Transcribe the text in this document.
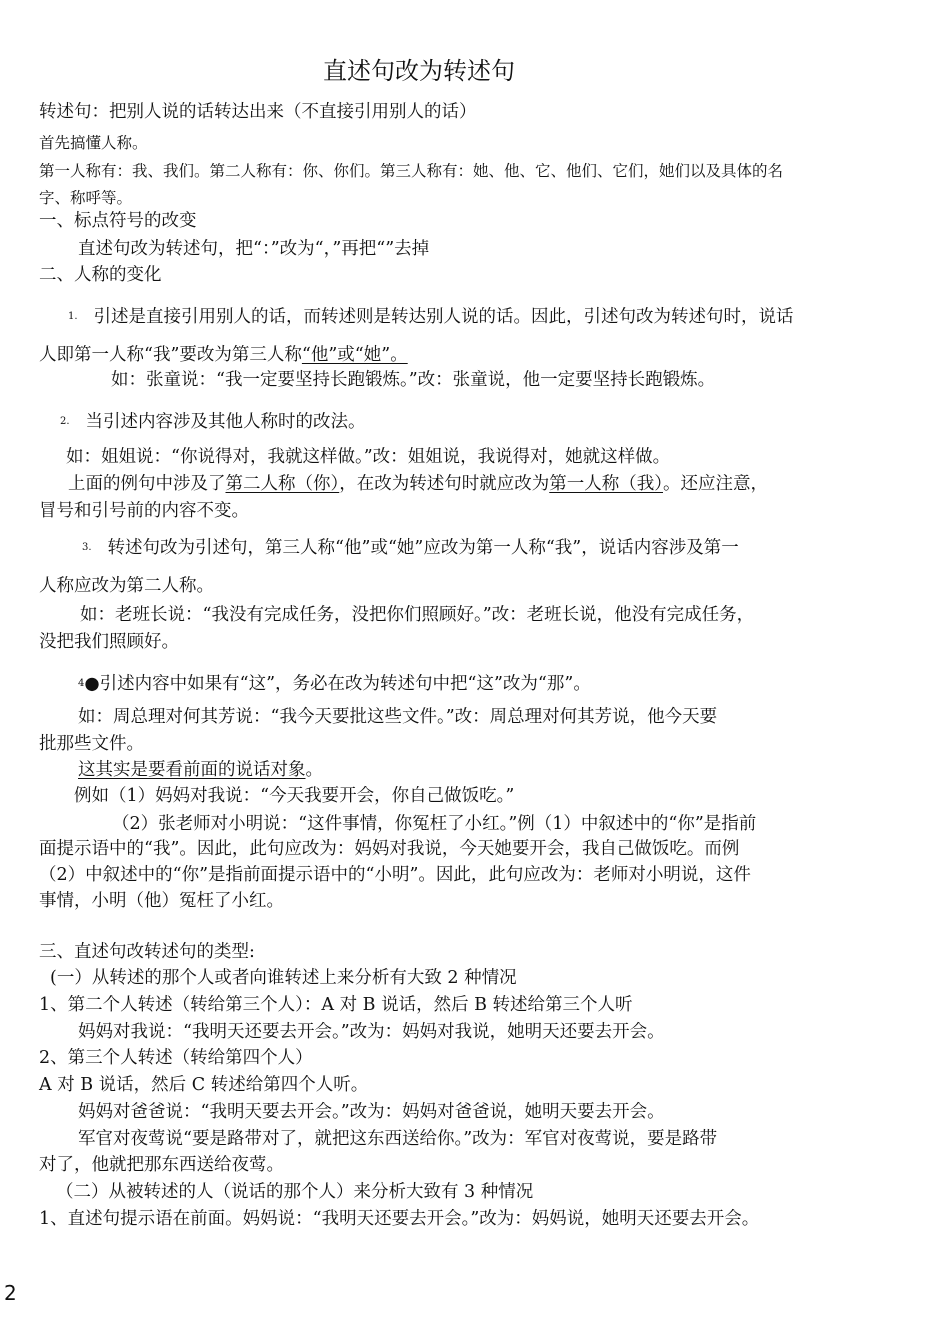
直述句改为转述句
转述句：把别人说的话转达出来（不直接引用别人的话）
首先搞懂人称。
第一人称有：我、我们。第二人称有：你、你们。第三人称有：她、他、它、他们、它们，她们以及具体的名
字、称呼等。
一、标点符号的改变
直述句改为转述句，把“：”改为“，”再把“”去掉
二、人称的变化
$^{1.}$ 引述是直接引用别人的话，而转述则是转达别人说的话。因此，引述句改为转述句时，说话
人即第一人称“我”要改为第三人称“他”或“她”。
如：张童说：“我一定要坚持长跑锻炼。”改：张童说，他一定要坚持长跑锻炼。
$^{2.}$ 当引述内容涉及其他人称时的改法。
如：姐姐说：“你说得对，我就这样做。”改：姐姐说，我说得对，她就这样做。
上面的例句中涉及了第二人称（你），在改为转述句时就应改为第一人称（我）。还应注意，
冒号和引号前的内容不变。
$^{3.}$ 转述句改为引述句，第三人称“他”或“她”应改为第一人称“我”，说话内容涉及第一
人称应改为第二人称。
如：老班长说：“我没有完成任务，没把你们照顾好。”改：老班长说，他没有完成任务，
没把我们照顾好。
$^4$●引述内容中如果有“这”，务必在改为转述句中把“这”改为“那”。
如：周总理对何其芳说：“我今天要批这些文件。”改：周总理对何其芳说，他今天要
批那些文件。
这其实是要看前面的说话对象。
例如（1）妈妈对我说：“今天我要开会，你自己做饭吃。”
（2）张老师对小明说：“这件事情，你冤枉了小红。”例（1）中叙述中的“你”是指前
面提示语中的“我”。因此，此句应改为：妈妈对我说，今天她要开会，我自己做饭吃。而例
（2）中叙述中的“你”是指前面提示语中的“小明”。因此，此句应改为：老师对小明说，这件
事情，小明（他）冤枉了小红。
三、直述句改转述句的类型:
(一）从转述的那个人或者向谁转述上来分析有大致 2 种情况
1、第二个人转述（转给第三个人）：A 对 B 说话，然后 B 转述给第三个人听
妈妈对我说：“我明天还要去开会。”改为：妈妈对我说，她明天还要去开会。
2、第三个人转述（转给第四个人）
A 对 B 说话，然后 C 转述给第四个人听。
妈妈对爸爸说：“我明天要去开会。”改为：妈妈对爸爸说，她明天要去开会。
军官对夜莺说“要是路带对了，就把这东西送给你。”改为：军官对夜莺说，要是路带
对了，他就把那东西送给夜莺。
（二）从被转述的人（说话的那个人）来分析大致有 3 种情况
1、直述句提示语在前面。妈妈说：“我明天还要去开会。”改为：妈妈说，她明天还要去开会。
2
